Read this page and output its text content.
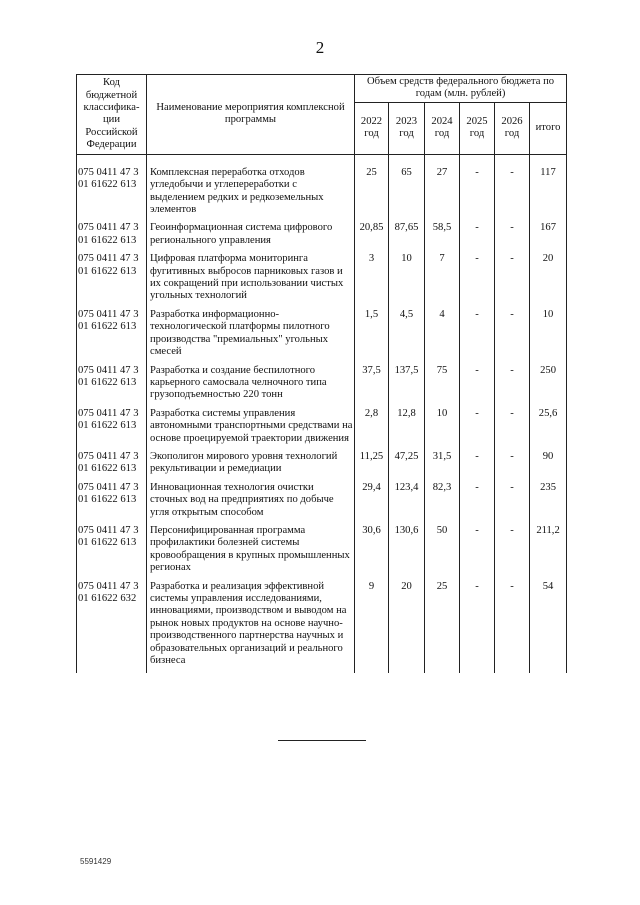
2
Код бюджетной классифика-ции Российской Федерации	Наименование мероприятия комплексной программы	Объем средств федерального бюджета по годам (млн. рублей)					
		2022 год	2023 год	2024 год	2025 год	2026 год	итого

075 0411 47 3
01 61622 613	Комплексная переработка отходов угледобычи и углепереработки с выделением редких и редкоземельных элементов	25	65	27	-	-	117

075 0411 47 3
01 61622 613	Геоинформационная система цифрового регионального управления	20,85	87,65	58,5	-	-	167

075 0411 47 3
01 61622 613	Цифровая платформа мониторинга фугитивных выбросов парниковых газов и их сокращений при использовании чистых угольных технологий	3	10	7	-	-	20

075 0411 47 3
01 61622 613	Разработка информационно-технологической платформы пилотного производства "премиальных" угольных смесей	1,5	4,5	4	-	-	10

075 0411 47 3
01 61622 613	Разработка и создание беспилотного карьерного самосвала челночного типа грузоподъемностью 220 тонн	37,5	137,5	75	-	-	250

075 0411 47 3
01 61622 613	Разработка системы управления автономными транспортными средствами на основе проецируемой траектории движения	2,8	12,8	10	-	-	25,6

075 0411 47 3
01 61622 613	Экополигон мирового уровня технологий рекультивации и ремедиации	11,25	47,25	31,5	-	-	90

075 0411 47 3
01 61622 613	Инновационная технология очистки сточных вод на предприятиях по добыче угля открытым способом	29,4	123,4	82,3	-	-	235

075 0411 47 3
01 61622 613	Персонифицированная программа профилактики болезней системы кровообращения в крупных промышленных регионах	30,6	130,6	50	-	-	211,2

075 0411 47 3
01 61622 632	Разработка и реализация эффективной системы управления исследованиями, инновациями, производством и выводом на рынок новых продуктов на основе научно-производственного партнерства научных и образовательных организаций и реального бизнеса	9	20	25	-	-	54
5591429
